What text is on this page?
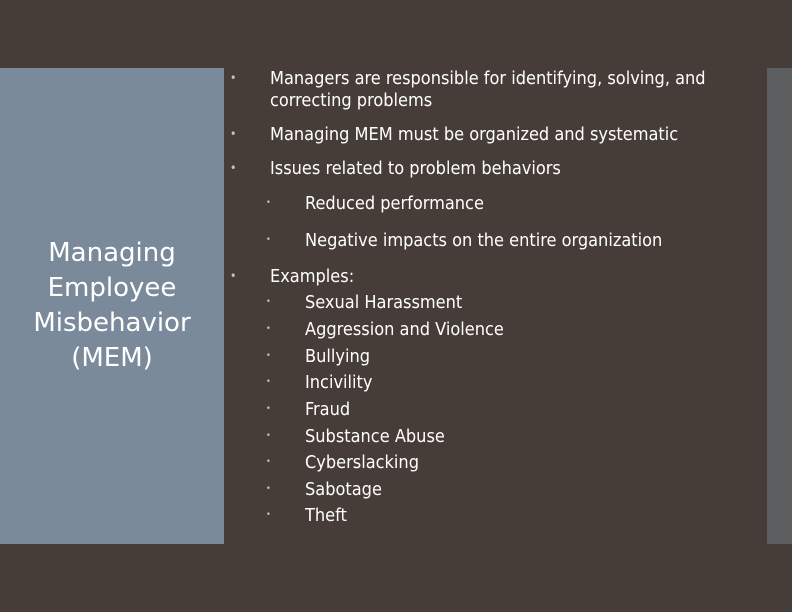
Managing
Employee
Misbehavior
(MEM)
• Managers are responsible for identifying, solving, and
correcting problems
• Managing MEM must be organized and systematic
• Issues related to problem behaviors
• Reduced performance
• Negative impacts on the entire organization
• Examples:
• Sexual Harassment
• Aggression and Violence
• Bullying
• Incivility
• Fraud
• Substance Abuse
• Cyberslacking
• Sabotage
• Theft
